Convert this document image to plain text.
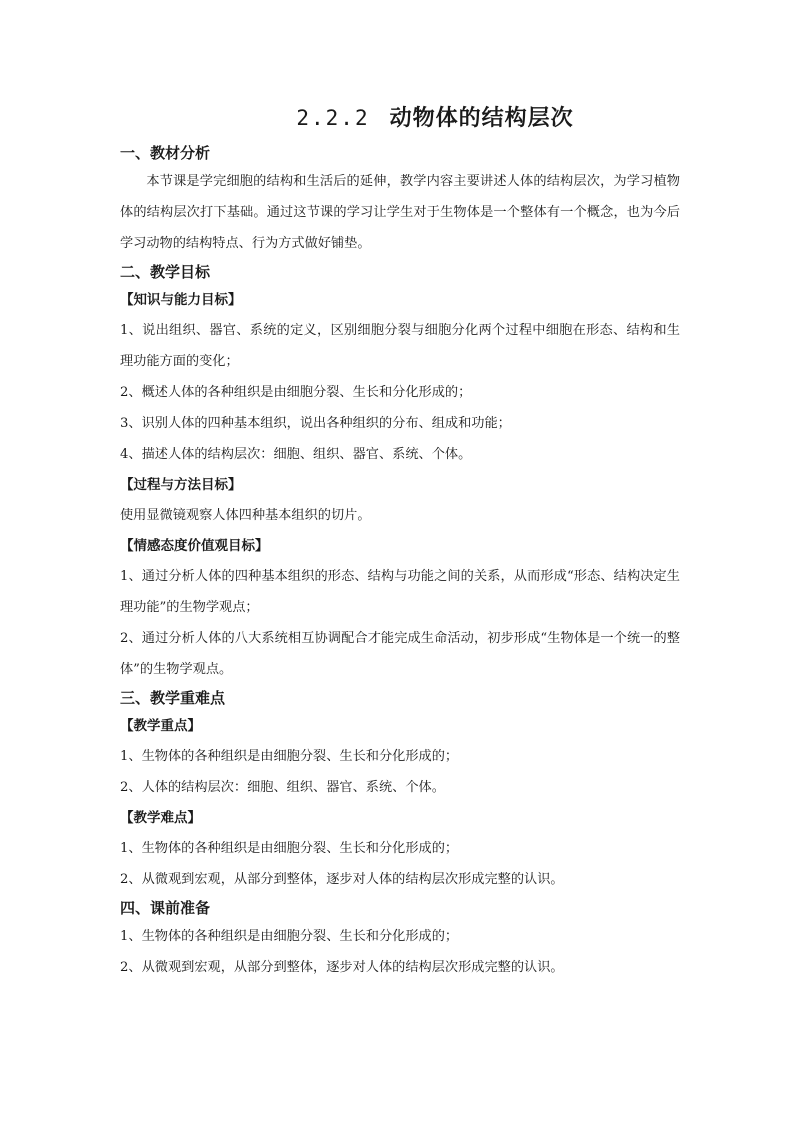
2.2.2 动物体的结构层次
一、教材分析

本节课是学完细胞的结构和生活后的延伸，教学内容主要讲述人体的结构层次，为学习植物体的结构层次打下基础。通过这节课的学习让学生对于生物体是一个整体有一个概念，也为今后学习动物的结构特点、行为方式做好铺垫。

二、教学目标
【知识与能力目标】

1、说出组织、器官、系统的定义，区别细胞分裂与细胞分化两个过程中细胞在形态、结构和生理功能方面的变化；

2、概述人体的各种组织是由细胞分裂、生长和分化形成的；

3、识别人体的四种基本组织，说出各种组织的分布、组成和功能；

4、描述人体的结构层次：细胞、组织、器官、系统、个体。

【过程与方法目标】

使用显微镜观察人体四种基本组织的切片。

【情感态度价值观目标】

1、通过分析人体的四种基本组织的形态、结构与功能之间的关系，从而形成“形态、结构决定生理功能”的生物学观点；

2、通过分析人体的八大系统相互协调配合才能完成生命活动，初步形成“生物体是一个统一的整体”的生物学观点。

三、教学重难点
【教学重点】

1、生物体的各种组织是由细胞分裂、生长和分化形成的；

2、人体的结构层次：细胞、组织、器官、系统、个体。

【教学难点】

1、生物体的各种组织是由细胞分裂、生长和分化形成的；

2、从微观到宏观，从部分到整体，逐步对人体的结构层次形成完整的认识。

四、课前准备

1、生物体的各种组织是由细胞分裂、生长和分化形成的；

2、从微观到宏观，从部分到整体，逐步对人体的结构层次形成完整的认识。
